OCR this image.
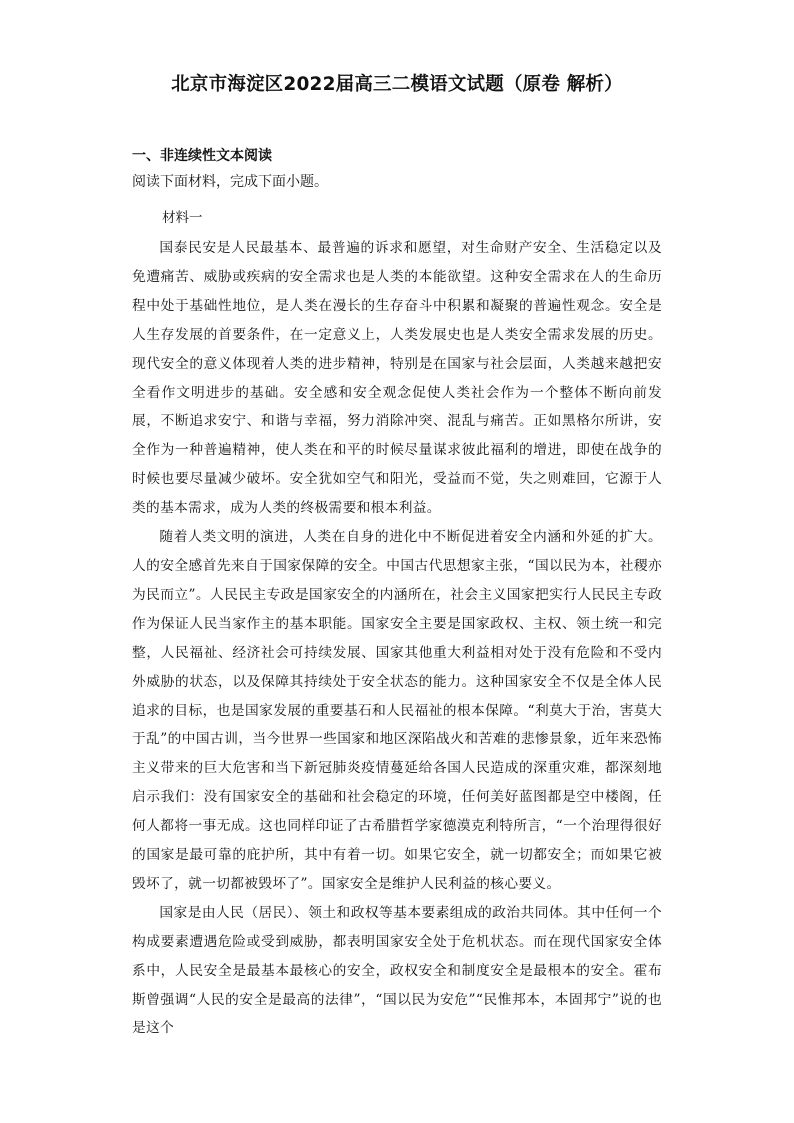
北京市海淀区2022届高三二模语文试题（原卷 解析）
一、非连续性文本阅读
阅读下面材料，完成下面小题。
材料一

国泰民安是人民最基本、最普遍的诉求和愿望，对生命财产安全、生活稳定以及免遭痛苦、威胁或疾病的安全需求也是人类的本能欲望。这种安全需求在人的生命历程中处于基础性地位，是人类在漫长的生存奋斗中积累和凝聚的普遍性观念。安全是人生存发展的首要条件，在一定意义上，人类发展史也是人类安全需求发展的历史。现代安全的意义体现着人类的进步精神，特别是在国家与社会层面，人类越来越把安全看作文明进步的基础。安全感和安全观念促使人类社会作为一个整体不断向前发展，不断追求安宁、和谐与幸福，努力消除冲突、混乱与痛苦。正如黑格尔所讲，安全作为一种普遍精神，使人类在和平的时候尽量谋求彼此福利的增进，即使在战争的时候也要尽量减少破坏。安全犹如空气和阳光，受益而不觉，失之则难回，它源于人类的基本需求，成为人类的终极需要和根本利益。

随着人类文明的演进，人类在自身的进化中不断促进着安全内涵和外延的扩大。人的安全感首先来自于国家保障的安全。中国古代思想家主张，“国以民为本，社稷亦为民而立”。人民民主专政是国家安全的内涵所在，社会主义国家把实行人民民主专政作为保证人民当家作主的基本职能。国家安全主要是国家政权、主权、领土统一和完整，人民福祉、经济社会可持续发展、国家其他重大利益相对处于没有危险和不受内外威胁的状态，以及保障其持续处于安全状态的能力。这种国家安全不仅是全体人民追求的目标，也是国家发展的重要基石和人民福祉的根本保障。“利莫大于治，害莫大于乱”的中国古训，当今世界一些国家和地区深陷战火和苦难的悲惨景象，近年来恐怖主义带来的巨大危害和当下新冠肺炎疫情蔓延给各国人民造成的深重灾难，都深刻地启示我们：没有国家安全的基础和社会稳定的环境，任何美好蓝图都是空中楼阁，任何人都将一事无成。这也同样印证了古希腊哲学家德漠克利特所言，“一个治理得很好的国家是最可靠的庇护所，其中有着一切。如果它安全，就一切都安全；而如果它被毁坏了，就一切都被毁坏了”。国家安全是维护人民利益的核心要义。

国家是由人民（居民）、领土和政权等基本要素组成的政治共同体。其中任何一个构成要素遭遇危险或受到威胁，都表明国家安全处于危机状态。而在现代国家安全体系中，人民安全是最基本最核心的安全，政权安全和制度安全是最根本的安全。霍布斯曾强调“人民的安全是最高的法律”，“国以民为安危”“民惟邦本，本固邦宁”说的也是这个
